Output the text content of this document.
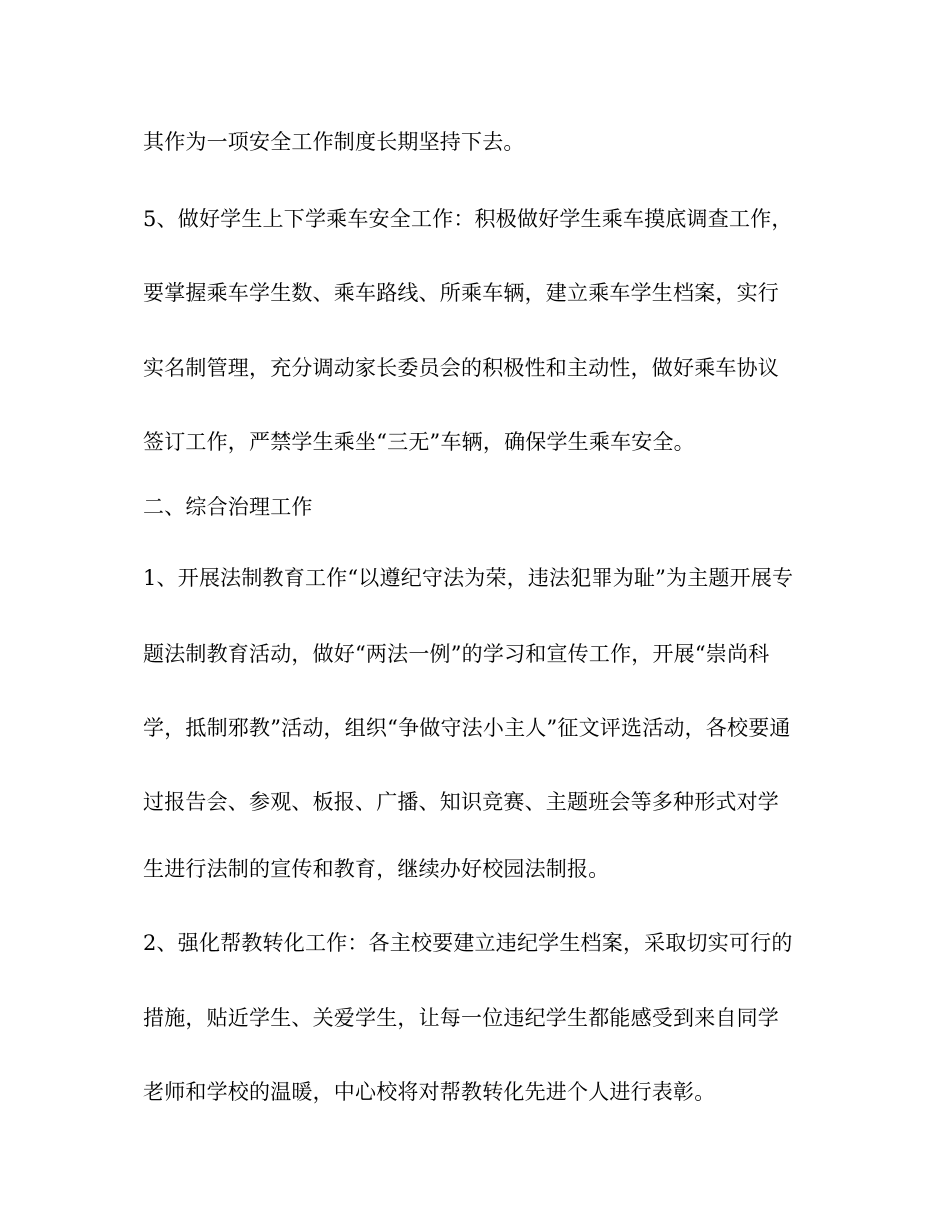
其作为一项安全工作制度长期坚持下去。

5、做好学生上下学乘车安全工作：积极做好学生乘车摸底调查工作，

要掌握乘车学生数、乘车路线、所乘车辆，建立乘车学生档案，实行

实名制管理，充分调动家长委员会的积极性和主动性，做好乘车协议

签订工作，严禁学生乘坐“三无”车辆，确保学生乘车安全。

二、综合治理工作

1、开展法制教育工作“以遵纪守法为荣，违法犯罪为耻”为主题开展专

题法制教育活动，做好“两法一例”的学习和宣传工作，开展“崇尚科

学，抵制邪教”活动，组织“争做守法小主人”征文评选活动，各校要通

过报告会、参观、板报、广播、知识竞赛、主题班会等多种形式对学

生进行法制的宣传和教育，继续办好校园法制报。

2、强化帮教转化工作：各主校要建立违纪学生档案，采取切实可行的

措施，贴近学生、关爱学生，让每一位违纪学生都能感受到来自同学

老师和学校的温暖，中心校将对帮教转化先进个人进行表彰。
